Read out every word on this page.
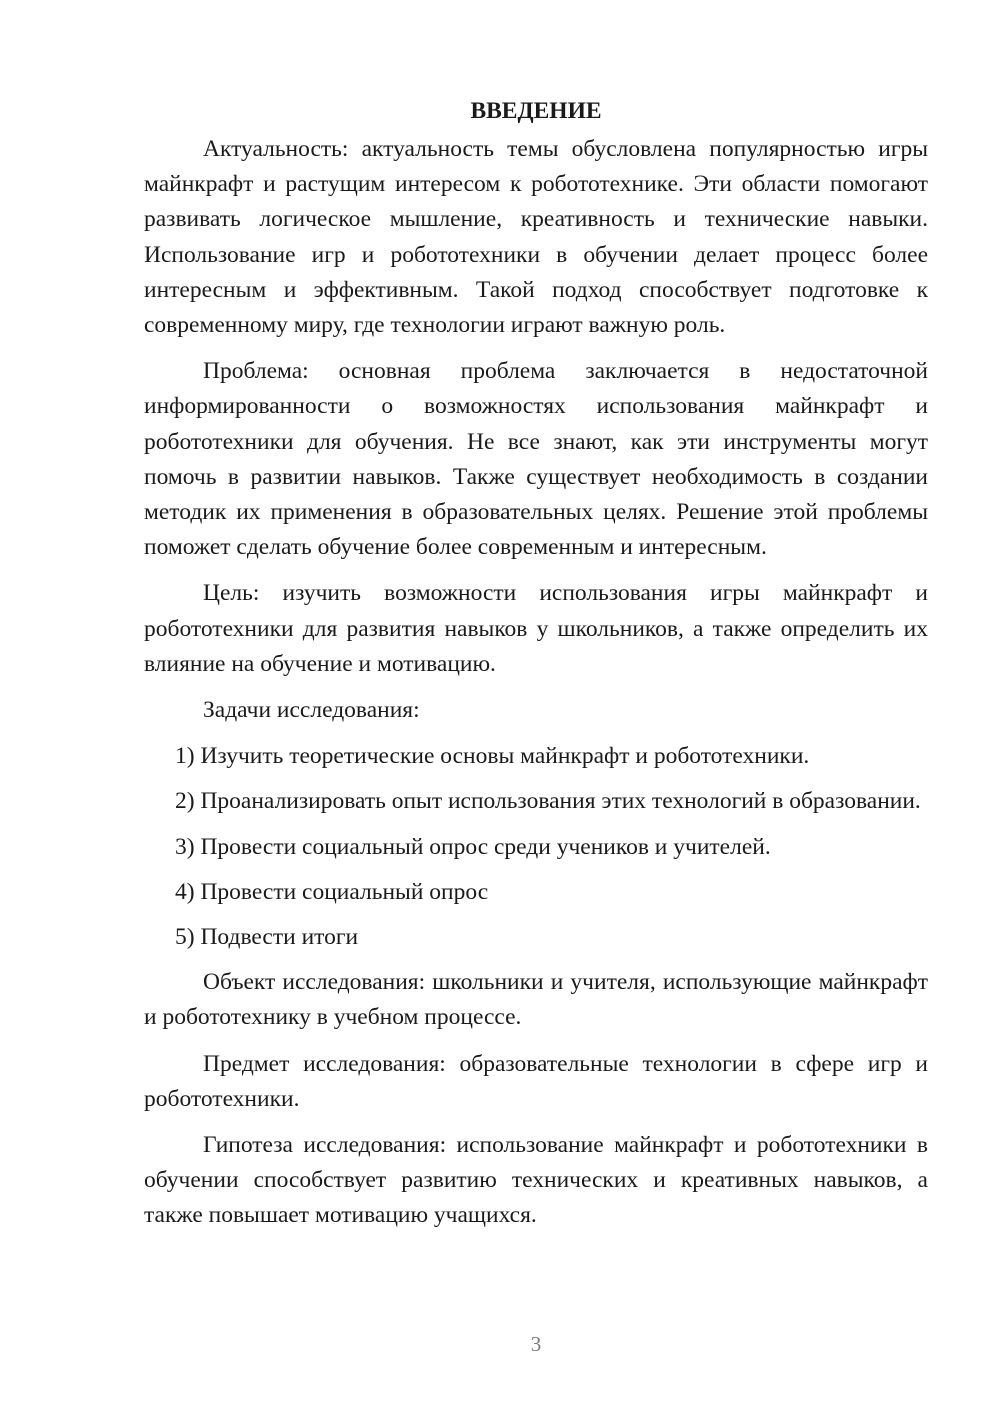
ВВЕДЕНИЕ

Актуальность: актуальность темы обусловлена популярностью игры майнкрафт и растущим интересом к робототехнике. Эти области помогают развивать логическое мышление, креативность и технические навыки. Использование игр и робототехники в обучении делает процесс более интересным и эффективным. Такой подход способствует подготовке к современному миру, где технологии играют важную роль.

Проблема: основная проблема заключается в недостаточной информированности о возможностях использования майнкрафт и робототехники для обучения. Не все знают, как эти инструменты могут помочь в развитии навыков. Также существует необходимость в создании методик их применения в образовательных целях. Решение этой проблемы поможет сделать обучение более современным и интересным.

Цель: изучить возможности использования игры майнкрафт и робототехники для развития навыков у школьников, а также определить их влияние на обучение и мотивацию.

Задачи исследования:

1) Изучить теоретические основы майнкрафт и робототехники.

2) Проанализировать опыт использования этих технологий в образовании.

3) Провести социальный опрос среди учеников и учителей.

4) Провести социальный опрос

5) Подвести итоги

Объект исследования: школьники и учителя, использующие майнкрафт и робототехнику в учебном процессе.

Предмет исследования: образовательные технологии в сфере игр и робототехники.

Гипотеза исследования: использование майнкрафт и робототехники в обучении способствует развитию технических и креативных навыков, а также повышает мотивацию учащихся.

3
